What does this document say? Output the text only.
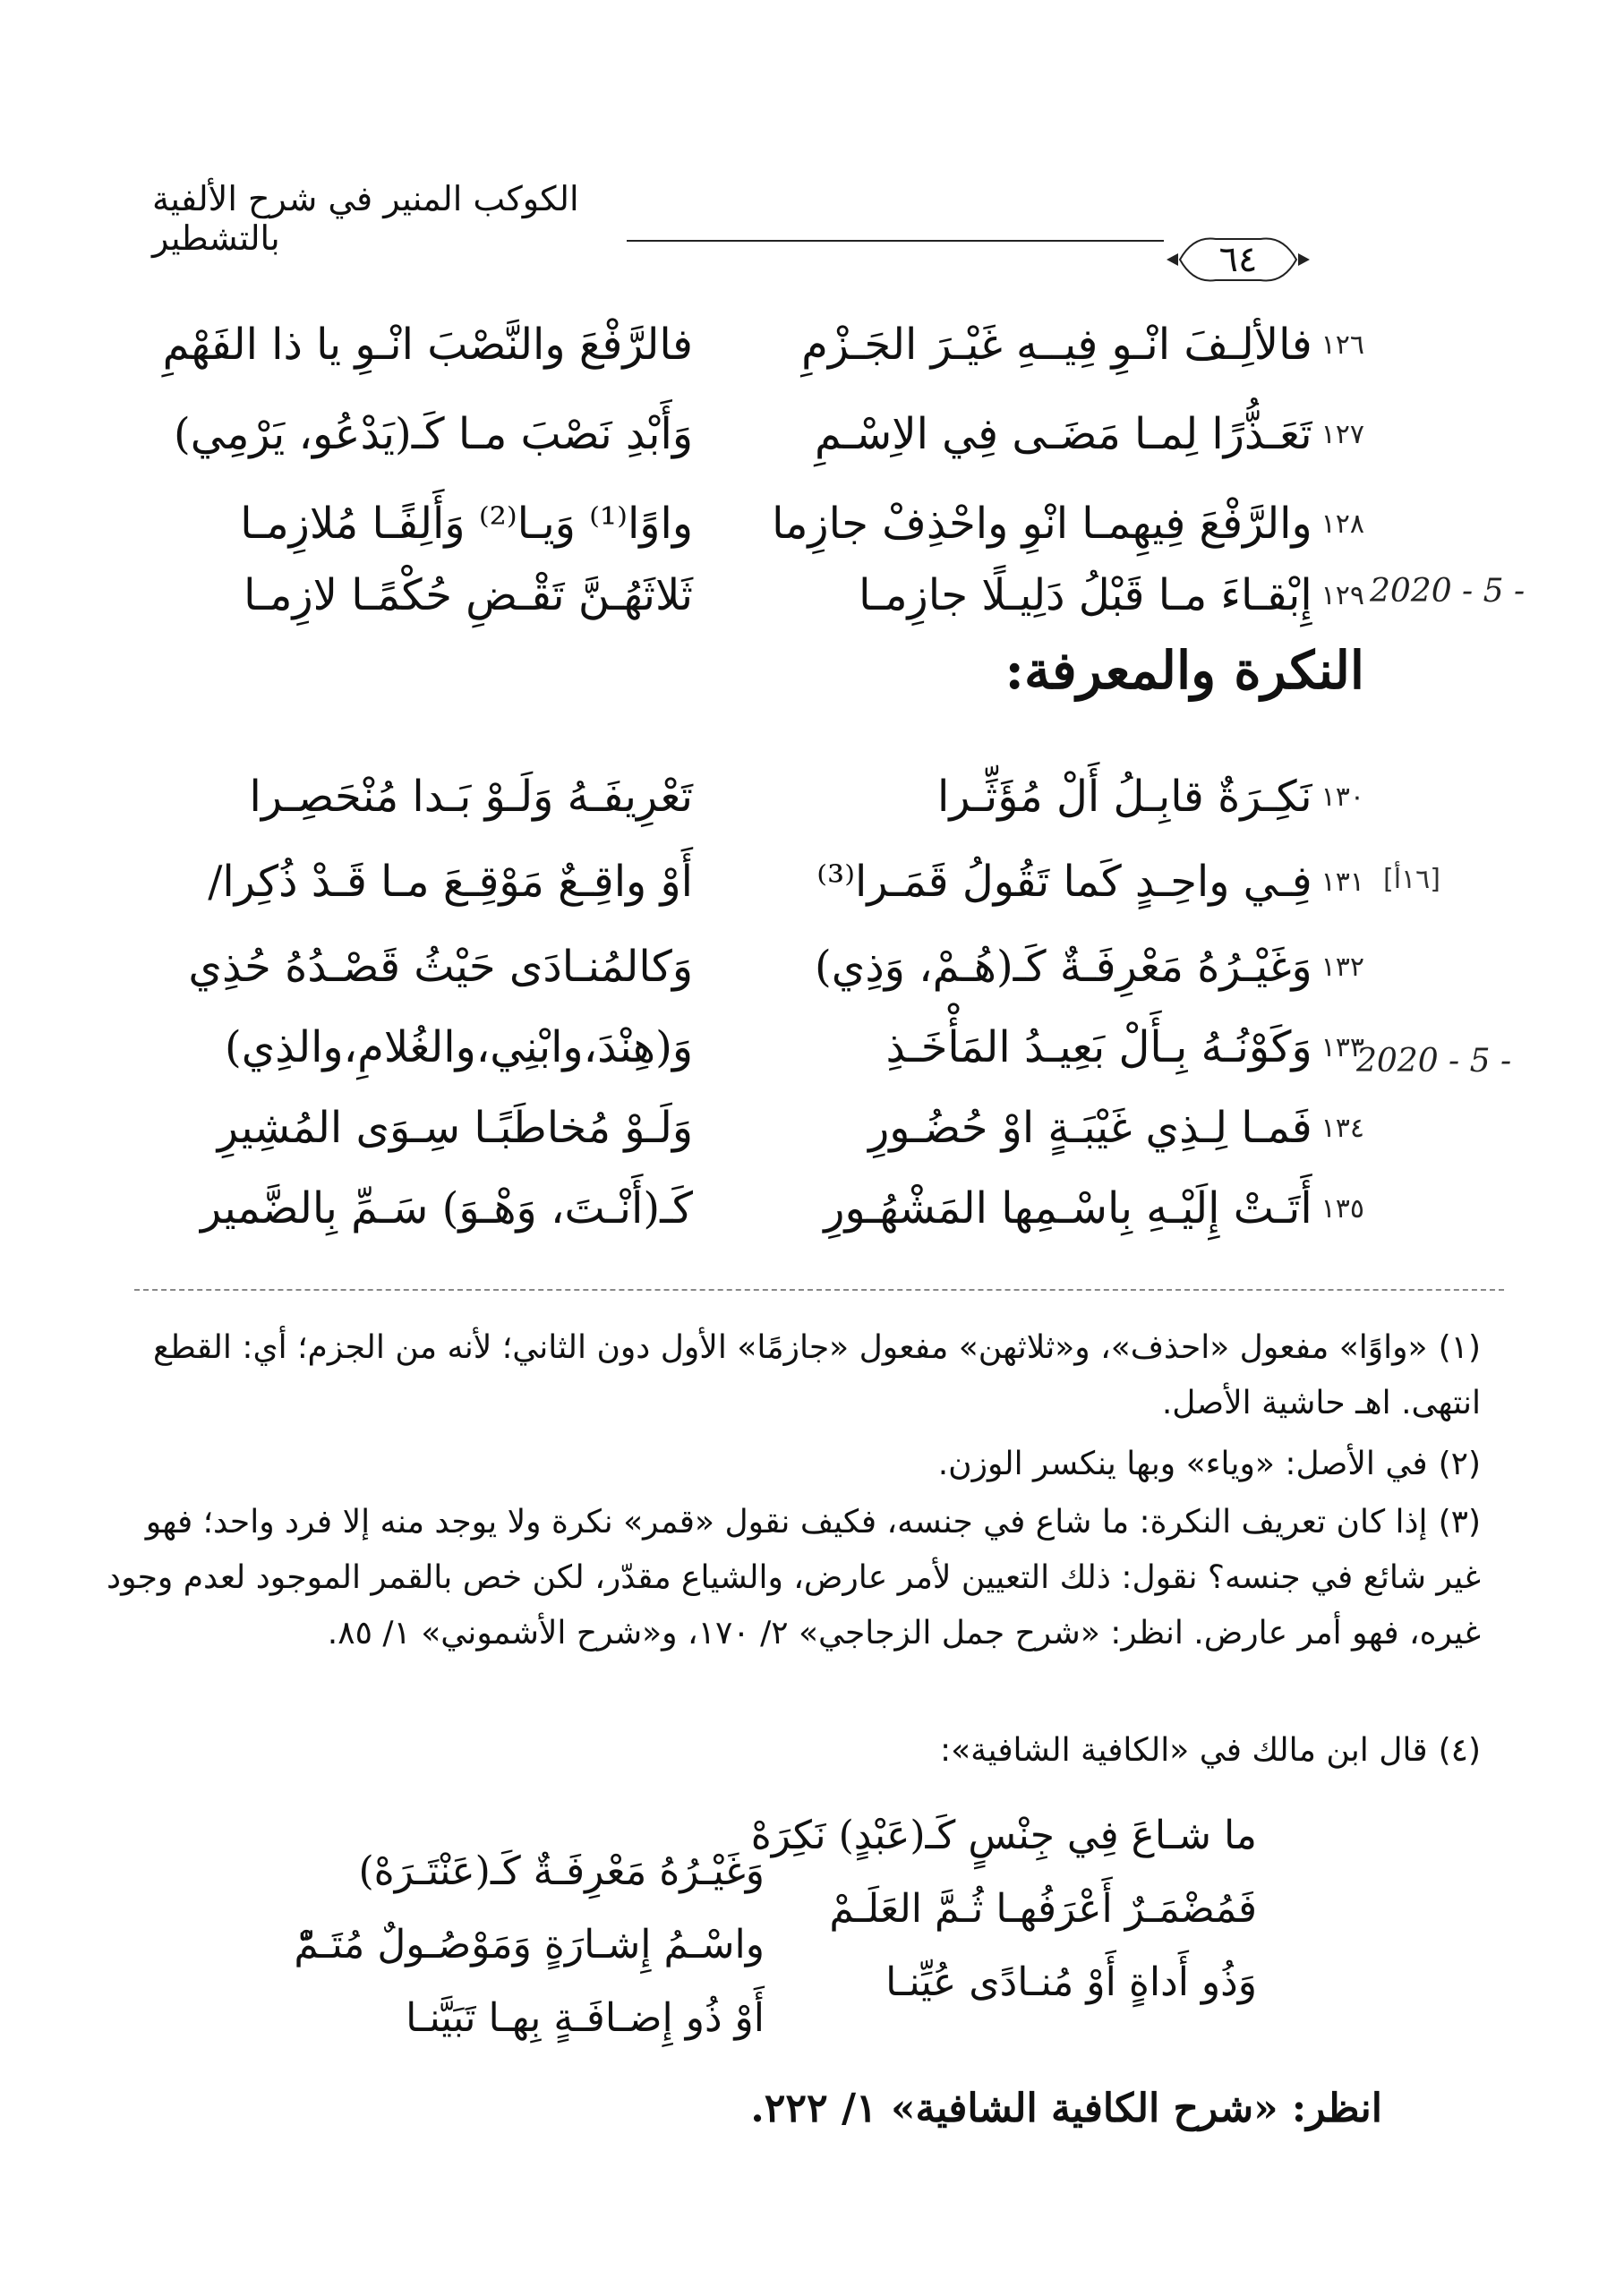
الكوكب المنير في شرح الألفية بالتشطير
٦٤
١٢٦
فالألِـفَ انْـوِ فِيــهِ غَيْـرَ الجَـزْمِ
فالرَّفْعَ والنَّصْبَ انْـوِ يا ذا الفَهْمِ
١٢٧
تَعَـذُّرًا لِمـا مَضَـى فِي الاِسْـمِ
وَأَبْدِ نَصْبَ مـا كَـ(يَدْعُو، يَرْمِي)
١٢٨
والرَّفْعَ فِيهِمـا انْوِ واحْذِفْ جازِما
واوًا⁽¹⁾ وَيـا⁽²⁾ وَأَلِفًـا مُلازِمـا
١٢٩
إِبْقـاءَ مـا قَبْلُ دَلِيـلًا جازِمـا
ثَلاثَهُـنَّ تَقْـضِ حُكْمًـا لازِمـا	2020 - 5 -
النكرة والمعرفة:
١٣٠
نَكِـرَةٌ قابِـلُ أَلْ مُؤَثِّـرا
تَعْرِيفَـهُ وَلَـوْ بَـدا مُنْحَصِـرا
١٣١
فِـي واحِـدٍ كَما تَقُولُ قَمَـرا⁽³⁾
أَوْ واقِـعٌ مَوْقِـعَ مـا قَـدْ ذُكِرا/	[١٦أ]
١٣٢
وَغَيْـرُهُ مَعْرِفَـةٌ كَـ(هُـمْ، وَذِي)
وَكالمُنـادَى حَيْثُ قَصْـدُهُ حُذِي
١٣٣
وَكَوْنُـهُ بِـأَلْ بَعِيـدُ المَأْخَـذِ
وَ(هِنْدَ،وابْنِي،والغُلامِ،والذِي)	2020 - 5 -
١٣٤
فَمـا لِـذِي غَيْبَـةٍ اوْ حُضُـورِ
وَلَـوْ مُخاطَبًـا سِـوَى المُشِيرِ
١٣٥
أَتَـتْ إِلَيْـهِ بِاسْـمِها المَشْهُـورِ
كَـ(أَنْـتَ، وَهْـوَ) سَـمِّ بِالضَّمير
(١)«واوًا» مفعول «احذف»، و«ثلاثهن» مفعول «جازمًا» الأول دون الثاني؛ لأنه من الجزم؛ أي: القطع انتهى. اهـ حاشية الأصل.
(٢)في الأصل: «وياء» وبها ينكسر الوزن.
(٣)إذا كان تعريف النكرة: ما شاع في جنسه، فكيف نقول «قمر» نكرة ولا يوجد منه إلا فرد واحد؛ فهو غير شائع في جنسه؟ نقول: ذلك التعيين لأمر عارض، والشياع مقدّر، لكن خص بالقمر الموجود لعدم وجود غيره، فهو أمر عارض. انظر: «شرح جمل الزجاجي» ٢/ ١٧٠، و«شرح الأشموني» ١/ ٨٥.
(٤)قال ابن مالك في «الكافية الشافية»:
ما شـاعَ فِي جِنْسٍ كَـ(عَبْدٍ) نَكِرَهْ
فَمُضْمَـرٌ أَعْرَفُهـا ثُـمَّ العَلَـمْ
وَذُو أَداةٍ أَوْ مُنـادًى عُيِّنـا
وَغَيْـرُهُ مَعْرِفَـةٌ كَـ(عَنْتَـرَهْ)
واسْـمُ إِشـارَةٍ وَمَوْصُـولٌ مُتَـمّْ
أَوْ ذُو إِضـافَـةٍ بِهـا تَبَيَّنـا
انظر: «شرح الكافية الشافية» ١/ ٢٢٢.
